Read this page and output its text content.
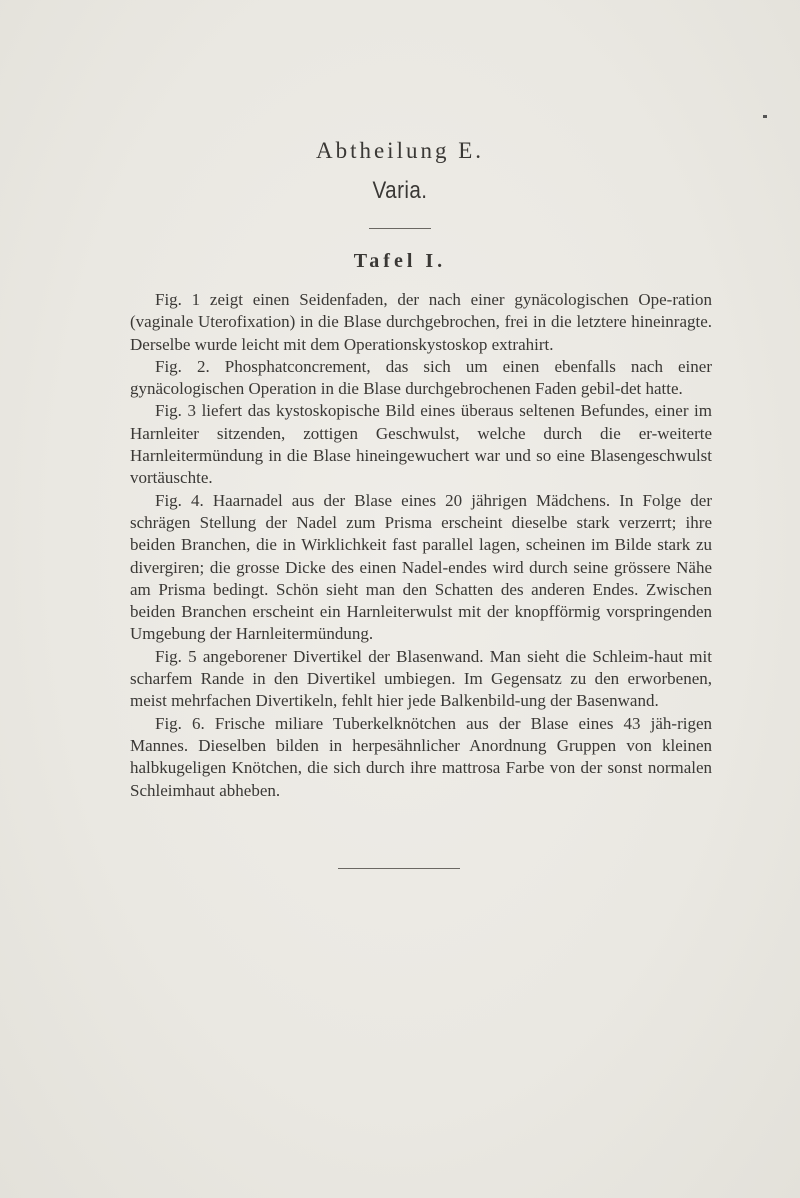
Abtheilung E.
Varia.
Tafel I.

Fig. 1 zeigt einen Seidenfaden, der nach einer gynäcologischen Ope-ration (vaginale Uterofixation) in die Blase durchgebrochen, frei in die letztere hineinragte. Derselbe wurde leicht mit dem Operationskystoskop extrahirt.

Fig. 2. Phosphatconcrement, das sich um einen ebenfalls nach einer gynäcologischen Operation in die Blase durchgebrochenen Faden gebil-det hatte.

Fig. 3 liefert das kystoskopische Bild eines überaus seltenen Befundes, einer im Harnleiter sitzenden, zottigen Geschwulst, welche durch die er-weiterte Harnleitermündung in die Blase hineingewuchert war und so eine Blasengeschwulst vortäuschte.

Fig. 4. Haarnadel aus der Blase eines 20 jährigen Mädchens. In Folge der schrägen Stellung der Nadel zum Prisma erscheint dieselbe stark verzerrt; ihre beiden Branchen, die in Wirklichkeit fast parallel lagen, scheinen im Bilde stark zu divergiren; die grosse Dicke des einen Nadel-endes wird durch seine grössere Nähe am Prisma bedingt. Schön sieht man den Schatten des anderen Endes. Zwischen beiden Branchen erscheint ein Harnleiterwulst mit der knopfförmig vorspringenden Umgebung der Harnleitermündung.

Fig. 5 angeborener Divertikel der Blasenwand. Man sieht die Schleim-haut mit scharfem Rande in den Divertikel umbiegen. Im Gegensatz zu den erworbenen, meist mehrfachen Divertikeln, fehlt hier jede Balkenbild-ung der Basenwand.

Fig. 6. Frische miliare Tuberkelknötchen aus der Blase eines 43 jäh-rigen Mannes. Dieselben bilden in herpesähnlicher Anordnung Gruppen von kleinen halbkugeligen Knötchen, die sich durch ihre mattrosa Farbe von der sonst normalen Schleimhaut abheben.
